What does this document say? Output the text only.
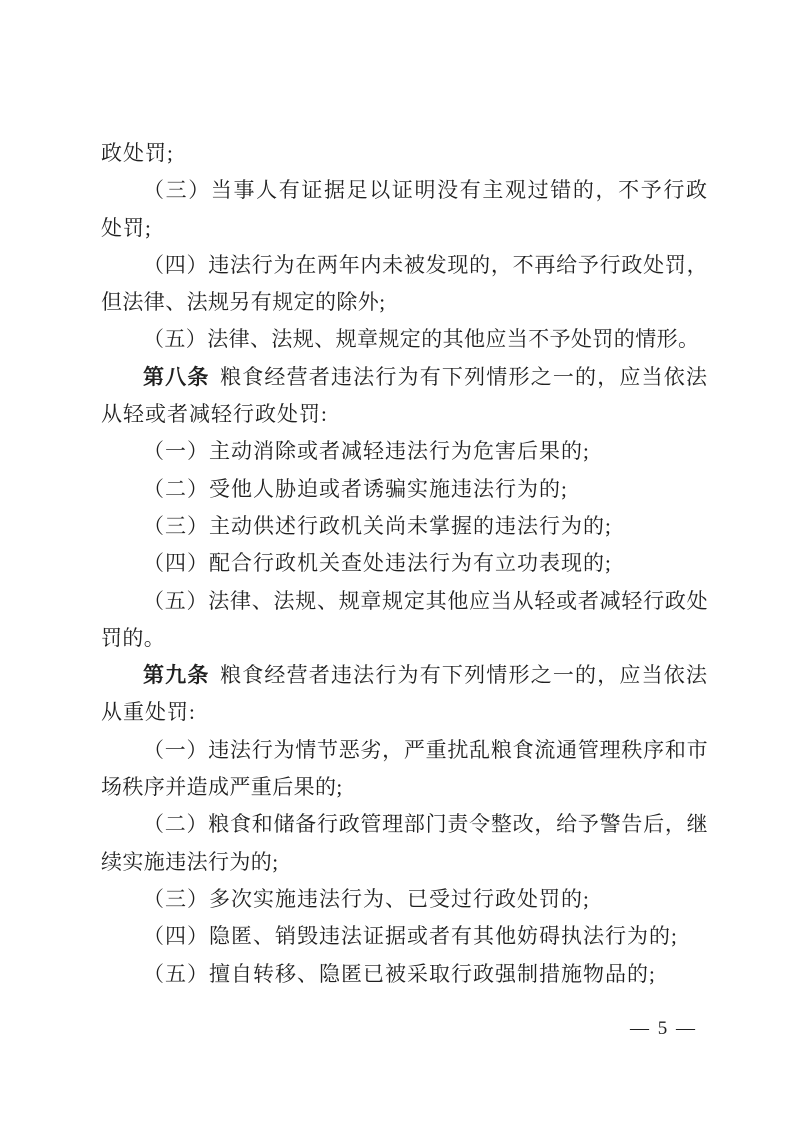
政处罚;

（三）当事人有证据足以证明没有主观过错的，不予行政处罚;

（四）违法行为在两年内未被发现的，不再给予行政处罚，但法律、法规另有规定的除外;

（五）法律、法规、规章规定的其他应当不予处罚的情形。

第八条 粮食经营者违法行为有下列情形之一的，应当依法从轻或者减轻行政处罚:

（一）主动消除或者减轻违法行为危害后果的;

（二）受他人胁迫或者诱骗实施违法行为的;

（三）主动供述行政机关尚未掌握的违法行为的;

（四）配合行政机关查处违法行为有立功表现的;

（五）法律、法规、规章规定其他应当从轻或者减轻行政处罚的。

第九条 粮食经营者违法行为有下列情形之一的，应当依法从重处罚:

（一）违法行为情节恶劣，严重扰乱粮食流通管理秩序和市场秩序并造成严重后果的;

（二）粮食和储备行政管理部门责令整改，给予警告后，继续实施违法行为的;

（三）多次实施违法行为、已受过行政处罚的;

（四）隐匿、销毁违法证据或者有其他妨碍执法行为的;

（五）擅自转移、隐匿已被采取行政强制措施物品的;

— 5 —
